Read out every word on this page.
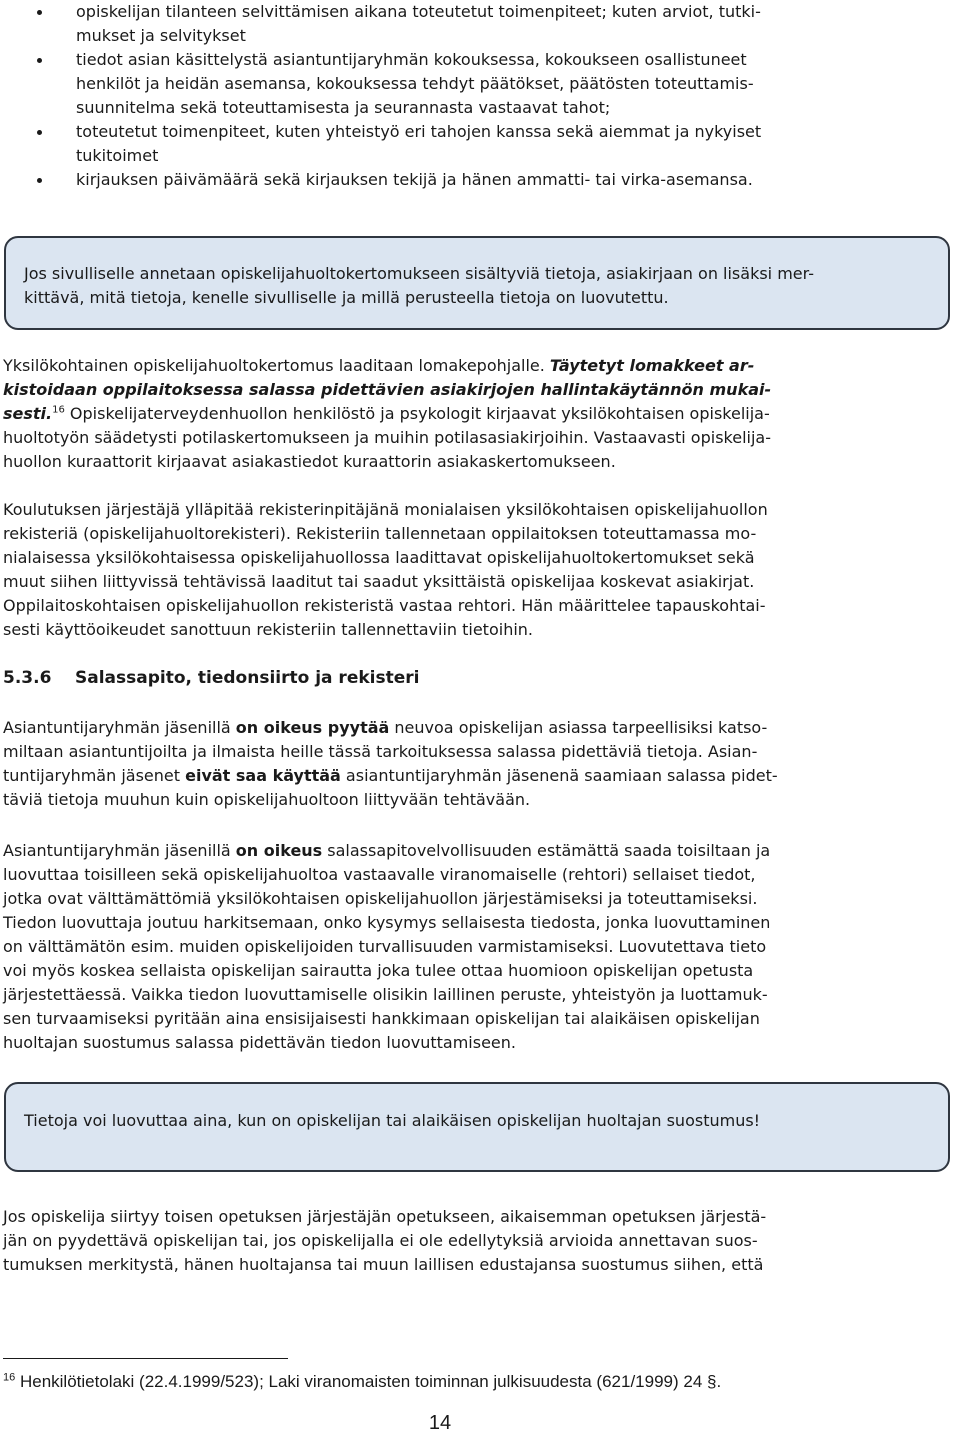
opiskelijan tilanteen selvittämisen aikana toteutetut toimenpiteet; kuten arviot, tutki-
mukset ja selvitykset
tiedot asian käsittelystä asiantuntijaryhmän kokouksessa, kokoukseen osallistuneet
henkilöt ja heidän asemansa, kokouksessa tehdyt päätökset, päätösten toteuttamis-
suunnitelma sekä toteuttamisesta ja seurannasta vastaavat tahot;
toteutetut toimenpiteet, kuten yhteistyö eri tahojen kanssa sekä aiemmat ja nykyiset
tukitoimet
kirjauksen päivämäärä sekä kirjauksen tekijä ja hänen ammatti- tai virka-asemansa.
Jos sivulliselle annetaan opiskelijahuoltokertomukseen sisältyviä tietoja, asiakirjaan on lisäksi mer-
kittävä, mitä tietoja, kenelle sivulliselle ja millä perusteella tietoja on luovutettu.
Yksilökohtainen opiskelijahuoltokertomus laaditaan lomakepohjalle. Täytetyt lomakkeet ar-
kistoidaan oppilaitoksessa salassa pidettävien asiakirjojen hallintakäytännön mukai-
sesti.$^{16}$ Opiskelijaterveydenhuollon henkilöstö ja psykologit kirjaavat yksilökohtaisen opiskelija-
huoltotyön säädetysti potilaskertomukseen ja muihin potilasasiakirjoihin. Vastaavasti opiskelija-
huollon kuraattorit kirjaavat asiakastiedot kuraattorin asiakaskertomukseen.
Koulutuksen järjestäjä ylläpitää rekisterinpitäjänä monialaisen yksilökohtaisen opiskelijahuollon
rekisteriä (opiskelijahuoltorekisteri). Rekisteriin tallennetaan oppilaitoksen toteuttamassa mo-
nialaisessa yksilökohtaisessa opiskelijahuollossa laadittavat opiskelijahuoltokertomukset sekä
muut siihen liittyvissä tehtävissä laaditut tai saadut yksittäistä opiskelijaa koskevat asiakirjat.
Oppilaitoskohtaisen opiskelijahuollon rekisteristä vastaa rehtori. Hän määrittelee tapauskohtai-
sesti käyttöoikeudet sanottuun rekisteriin tallennettaviin tietoihin.
5.3.6 Salassapito, tiedonsiirto ja rekisteri
Asiantuntijaryhmän jäsenillä on oikeus pyytää neuvoa opiskelijan asiassa tarpeellisiksi katso-
miltaan asiantuntijoilta ja ilmaista heille tässä tarkoituksessa salassa pidettäviä tietoja. Asian-
tuntijaryhmän jäsenet eivät saa käyttää asiantuntijaryhmän jäsenenä saamiaan salassa pidet-
täviä tietoja muuhun kuin opiskelijahuoltoon liittyvään tehtävään.
Asiantuntijaryhmän jäsenillä on oikeus salassapitovelvollisuuden estämättä saada toisiltaan ja
luovuttaa toisilleen sekä opiskelijahuoltoa vastaavalle viranomaiselle (rehtori) sellaiset tiedot,
jotka ovat välttämättömiä yksilökohtaisen opiskelijahuollon järjestämiseksi ja toteuttamiseksi.
Tiedon luovuttaja joutuu harkitsemaan, onko kysymys sellaisesta tiedosta, jonka luovuttaminen
on välttämätön esim. muiden opiskelijoiden turvallisuuden varmistamiseksi. Luovutettava tieto
voi myös koskea sellaista opiskelijan sairautta joka tulee ottaa huomioon opiskelijan opetusta
järjestettäessä. Vaikka tiedon luovuttamiselle olisikin laillinen peruste, yhteistyön ja luottamuk-
sen turvaamiseksi pyritään aina ensisijaisesti hankkimaan opiskelijan tai alaikäisen opiskelijan
huoltajan suostumus salassa pidettävän tiedon luovuttamiseen.
Tietoja voi luovuttaa aina, kun on opiskelijan tai alaikäisen opiskelijan huoltajan suostumus!
Jos opiskelija siirtyy toisen opetuksen järjestäjän opetukseen, aikaisemman opetuksen järjestä-
jän on pyydettävä opiskelijan tai, jos opiskelijalla ei ole edellytyksiä arvioida annettavan suos-
tumuksen merkitystä, hänen huoltajansa tai muun laillisen edustajansa suostumus siihen, että
$^{16}$ Henkilötietolaki (22.4.1999/523); Laki viranomaisten toiminnan julkisuudesta (621/1999) 24 §.
14
